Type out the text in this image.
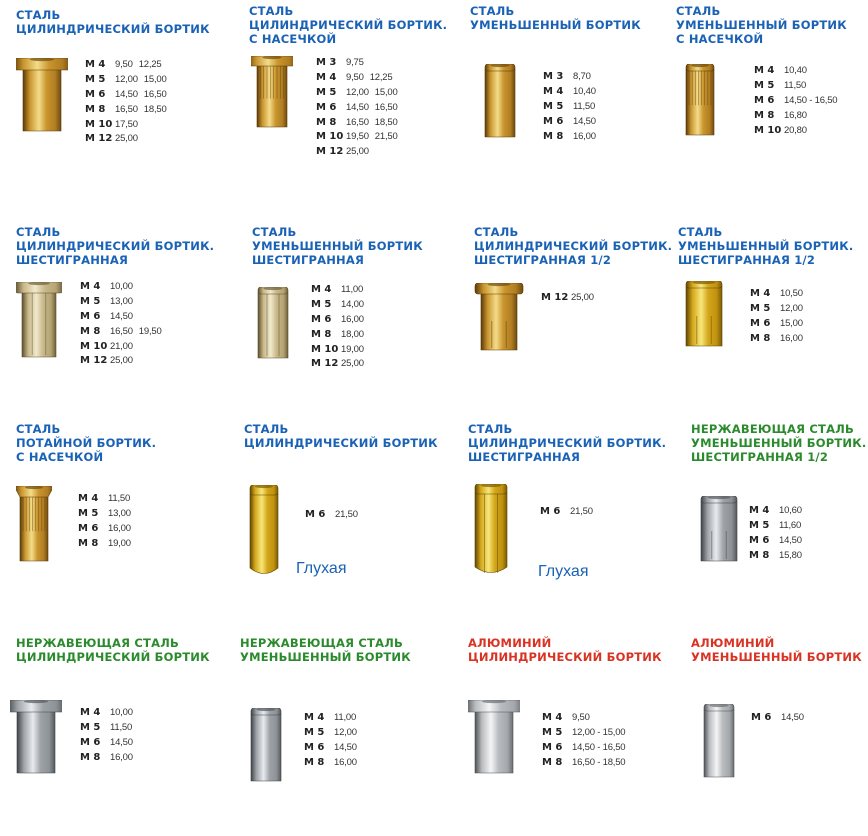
СТАЛЬ
ЦИЛИНДРИЧЕСКИЙ БОРТИК
M 4 9,50 12,25
M 5 12,00 15,00
M 6 14,50 16,50
M 8 16,50 18,50
M 10 17,50
M 12 25,00
СТАЛЬ
ЦИЛИНДРИЧЕСКИЙ БОРТИК.
С НАСЕЧКОЙ
M 3 9,75
M 4 9,50 12,25
M 5 12,00 15,00
M 6 14,50 16,50
M 8 16,50 18,50
M 10 19,50 21,50
M 12 25,00
СТАЛЬ
УМЕНЬШЕННЫЙ БОРТИК
M 3 8,70
M 4 10,40
M 5 11,50
M 6 14,50
M 8 16,00
СТАЛЬ
УМЕНЬШЕННЫЙ БОРТИК
С НАСЕЧКОЙ
M 4 10,40
M 5 11,50
M 6 14,50 - 16,50
M 8 16,80
M 10 20,80
СТАЛЬ
ЦИЛИНДРИЧЕСКИЙ БОРТИК.
ШЕСТИГРАННАЯ
M 4 10,00
M 5 13,00
M 6 14,50
M 8 16,50 19,50
M 10 21,00
M 12 25,00
СТАЛЬ
УМЕНЬШЕННЫЙ БОРТИК
ШЕСТИГРАННАЯ
M 4 11,00
M 5 14,00
M 6 16,00
M 8 18,00
M 10 19,00
M 12 25,00
СТАЛЬ
ЦИЛИНДРИЧЕСКИЙ БОРТИК.
ШЕСТИГРАННАЯ 1/2
M 12 25,00
СТАЛЬ
УМЕНЬШЕННЫЙ БОРТИК.
ШЕСТИГРАННАЯ 1/2
M 4 10,50
M 5 12,00
M 6 15,00
M 8 16,00
СТАЛЬ
ПОТАЙНОЙ БОРТИК.
С НАСЕЧКОЙ
M 4 11,50
M 5 13,00
M 6 16,00
M 8 19,00
СТАЛЬ
ЦИЛИНДРИЧЕСКИЙ БОРТИК
M 6 21,50
Глухая
СТАЛЬ
ЦИЛИНДРИЧЕСКИЙ БОРТИК.
ШЕСТИГРАННАЯ
M 6 21,50
Глухая
НЕРЖАВЕЮЩАЯ СТАЛЬ
УМЕНЬШЕННЫЙ БОРТИК.
ШЕСТИГРАННАЯ 1/2
M 4 10,60
M 5 11,60
M 6 14,50
M 8 15,80
НЕРЖАВЕЮЩАЯ СТАЛЬ
ЦИЛИНДРИЧЕСКИЙ БОРТИК
M 4 10,00
M 5 11,50
M 6 14,50
M 8 16,00
НЕРЖАВЕЮЩАЯ СТАЛЬ
УМЕНЬШЕННЫЙ БОРТИК
M 4 11,00
M 5 12,00
M 6 14,50
M 8 16,00
АЛЮМИНИЙ
ЦИЛИНДРИЧЕСКИЙ БОРТИК
M 4 9,50
M 5 12,00 - 15,00
M 6 14,50 - 16,50
M 8 16,50 - 18,50
АЛЮМИНИЙ
УМЕНЬШЕННЫЙ БОРТИК
M 6 14,50
